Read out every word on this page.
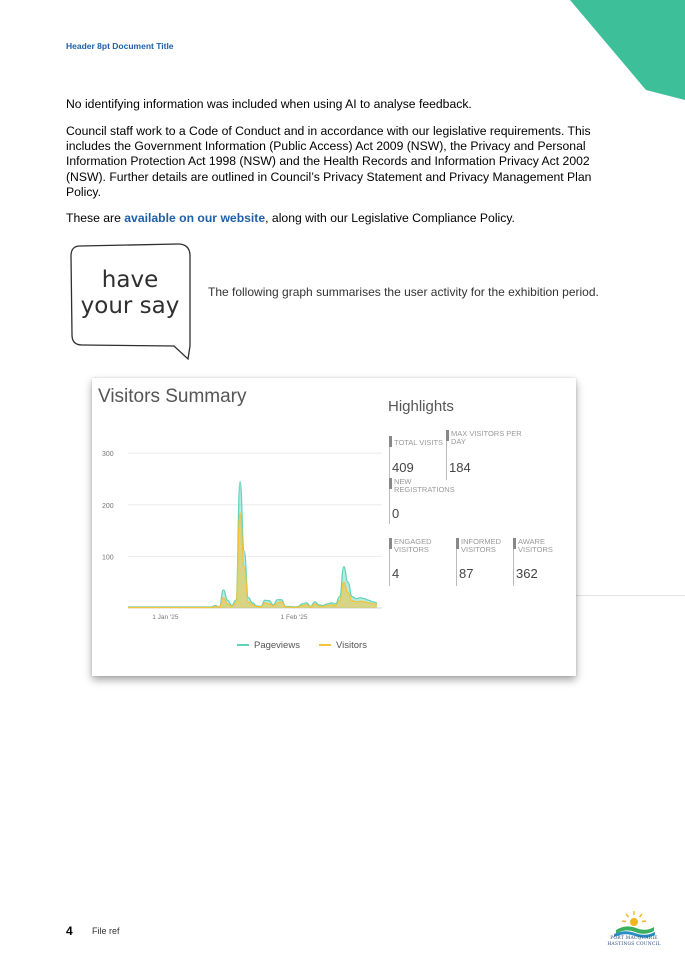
Header 8pt Document Title

No identifying information was included when using AI to analyse feedback.

Council staff work to a Code of Conduct and in accordance with our legislative requirements. This includes the Government Information (Public Access) Act 2009 (NSW), the Privacy and Personal Information Protection Act 1998 (NSW) and the Health Records and Information Privacy Act 2002 (NSW). Further details are outlined in Council’s Privacy Statement and Privacy Management Plan Policy.

These are available on our website, along with our Legislative Compliance Policy.

have
your say
The following graph summarises the user activity for the exhibition period.
Visitors Summary
300
200
100
1 Jan '25	1 Feb '25
Highlights
TOTAL VISITS
409
MAX VISITORS PER DAY
184
NEW REGISTRATIONS
0
ENGAGED VISITORS
4
INFORMED VISITORS
87
AWARE VISITORS
362
Pageviews	Visitors
4 File ref
PORT MACQUARIE HASTINGS COUNCIL
